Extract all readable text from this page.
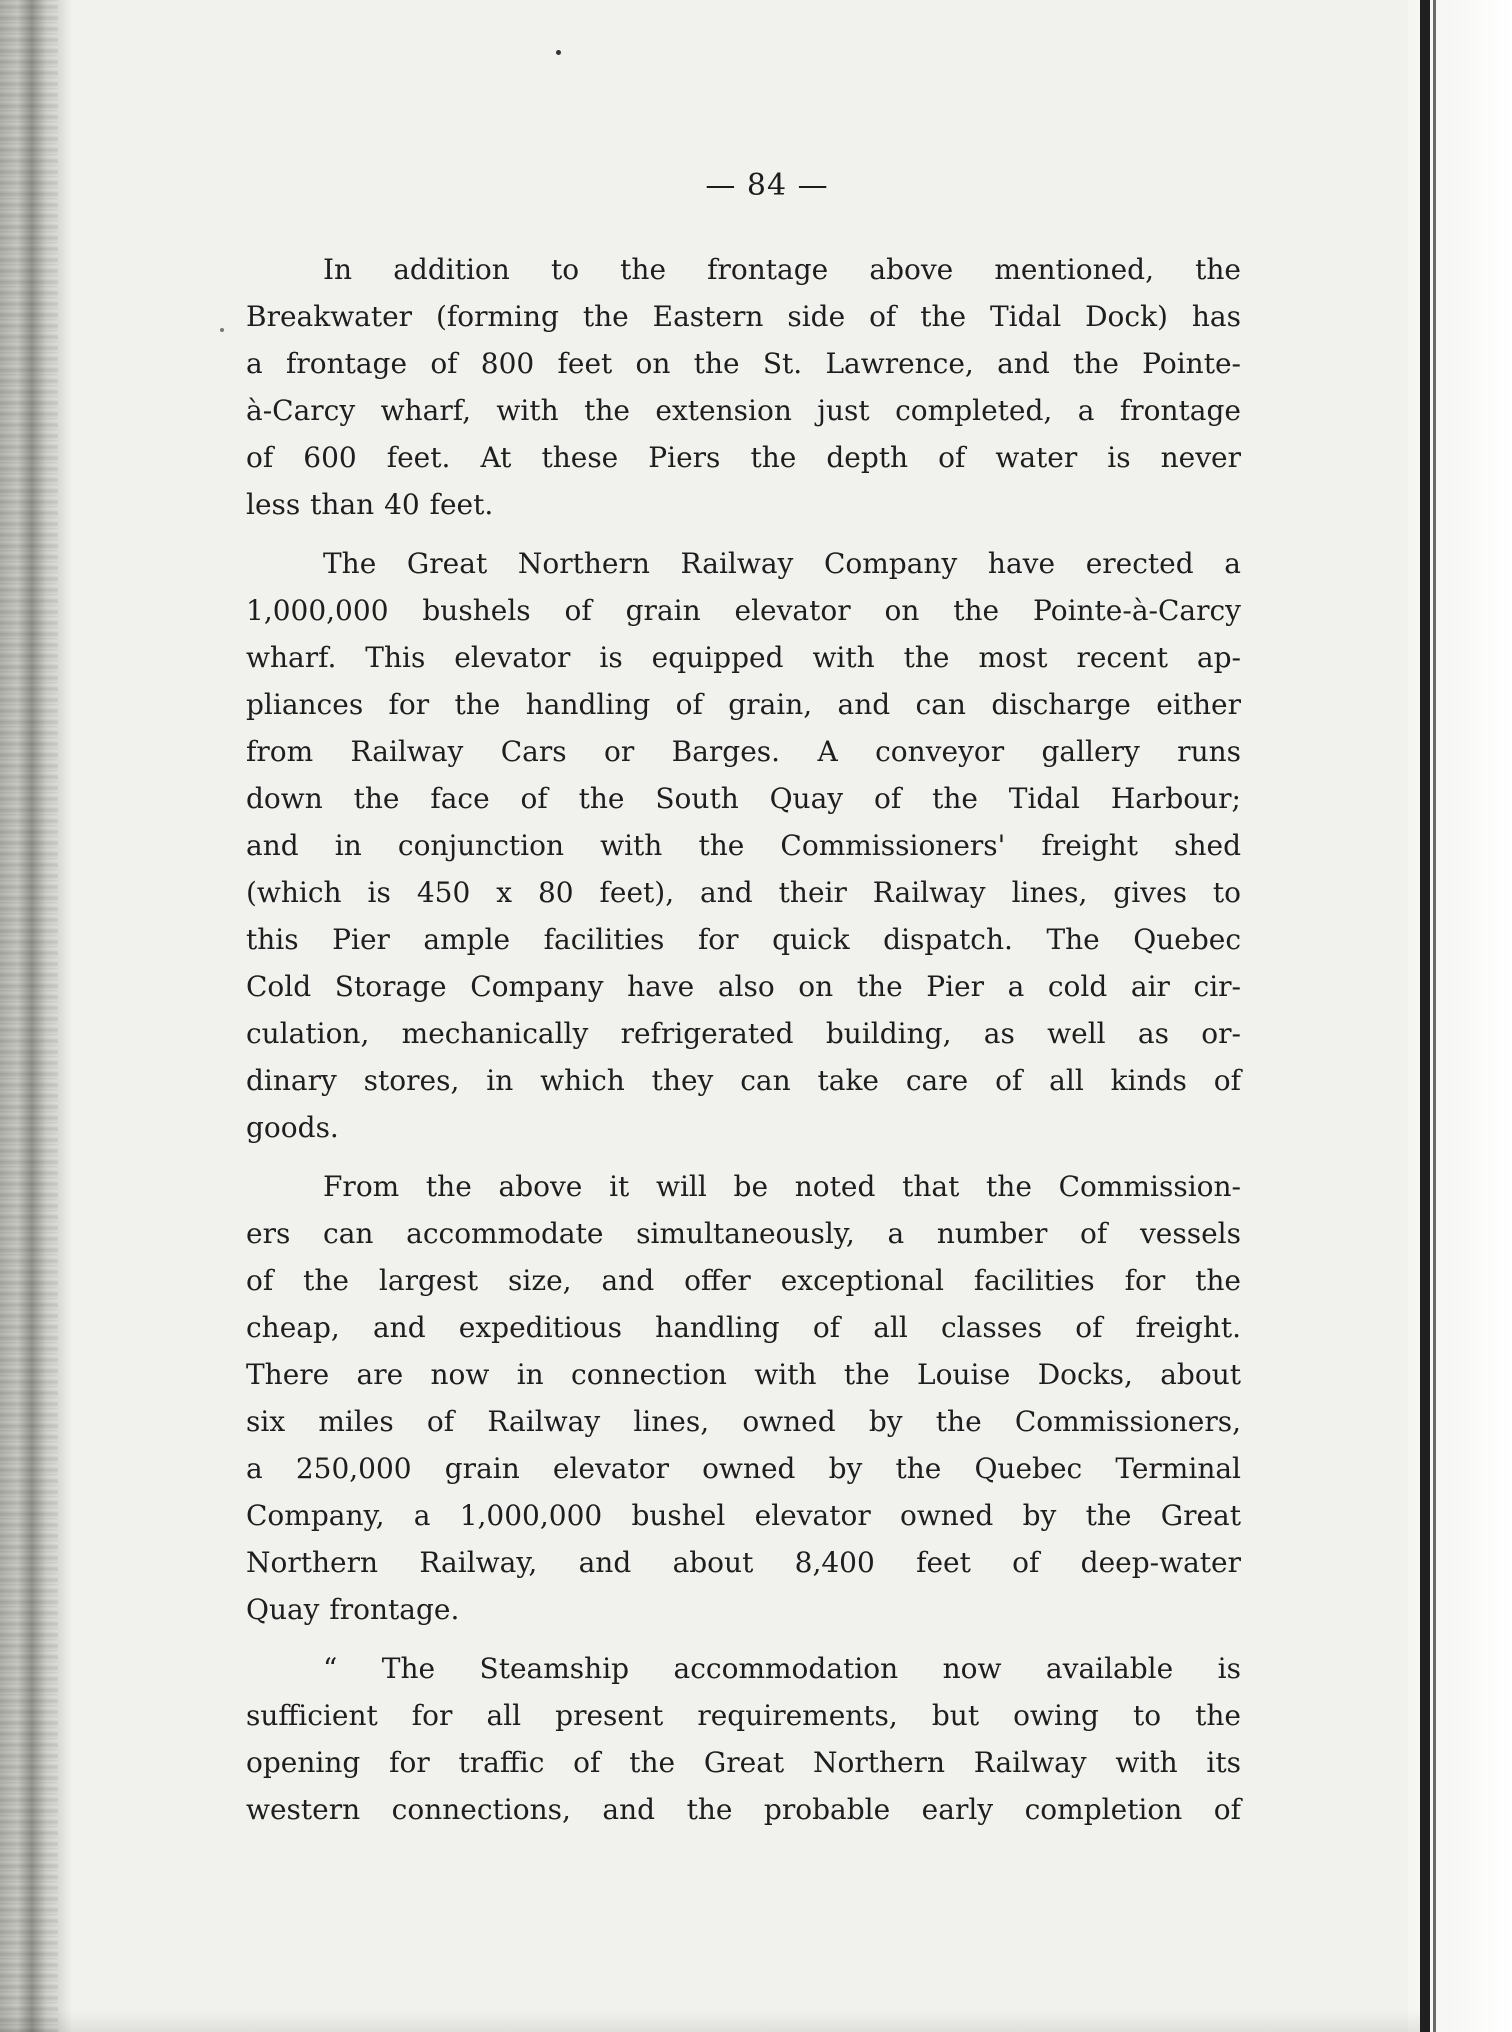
— 84 —
In addition to the frontage above mentioned, the
Breakwater (forming the Eastern side of the Tidal Dock) has
a frontage of 800 feet on the St. Lawrence, and the Pointe-
à-Carcy wharf, with the extension just completed, a frontage
of 600 feet. At these Piers the depth of water is never
less than 40 feet.
The Great Northern Railway Company have erected a
1,000,000 bushels of grain elevator on the Pointe-à-Carcy
wharf. This elevator is equipped with the most recent ap-
pliances for the handling of grain, and can discharge either
from Railway Cars or Barges. A conveyor gallery runs
down the face of the South Quay of the Tidal Harbour;
and in conjunction with the Commissioners' freight shed
(which is 450 x 80 feet), and their Railway lines, gives to
this Pier ample facilities for quick dispatch. The Quebec
Cold Storage Company have also on the Pier a cold air cir-
culation, mechanically refrigerated building, as well as or-
dinary stores, in which they can take care of all kinds of
goods.
From the above it will be noted that the Commission-
ers can accommodate simultaneously, a number of vessels
of the largest size, and offer exceptional facilities for the
cheap, and expeditious handling of all classes of freight.
There are now in connection with the Louise Docks, about
six miles of Railway lines, owned by the Commissioners,
a 250,000 grain elevator owned by the Quebec Terminal
Company, a 1,000,000 bushel elevator owned by the Great
Northern Railway, and about 8,400 feet of deep-water
Quay frontage.
“ The Steamship accommodation now available is
sufficient for all present requirements, but owing to the
opening for traffic of the Great Northern Railway with its
western connections, and the probable early completion of
